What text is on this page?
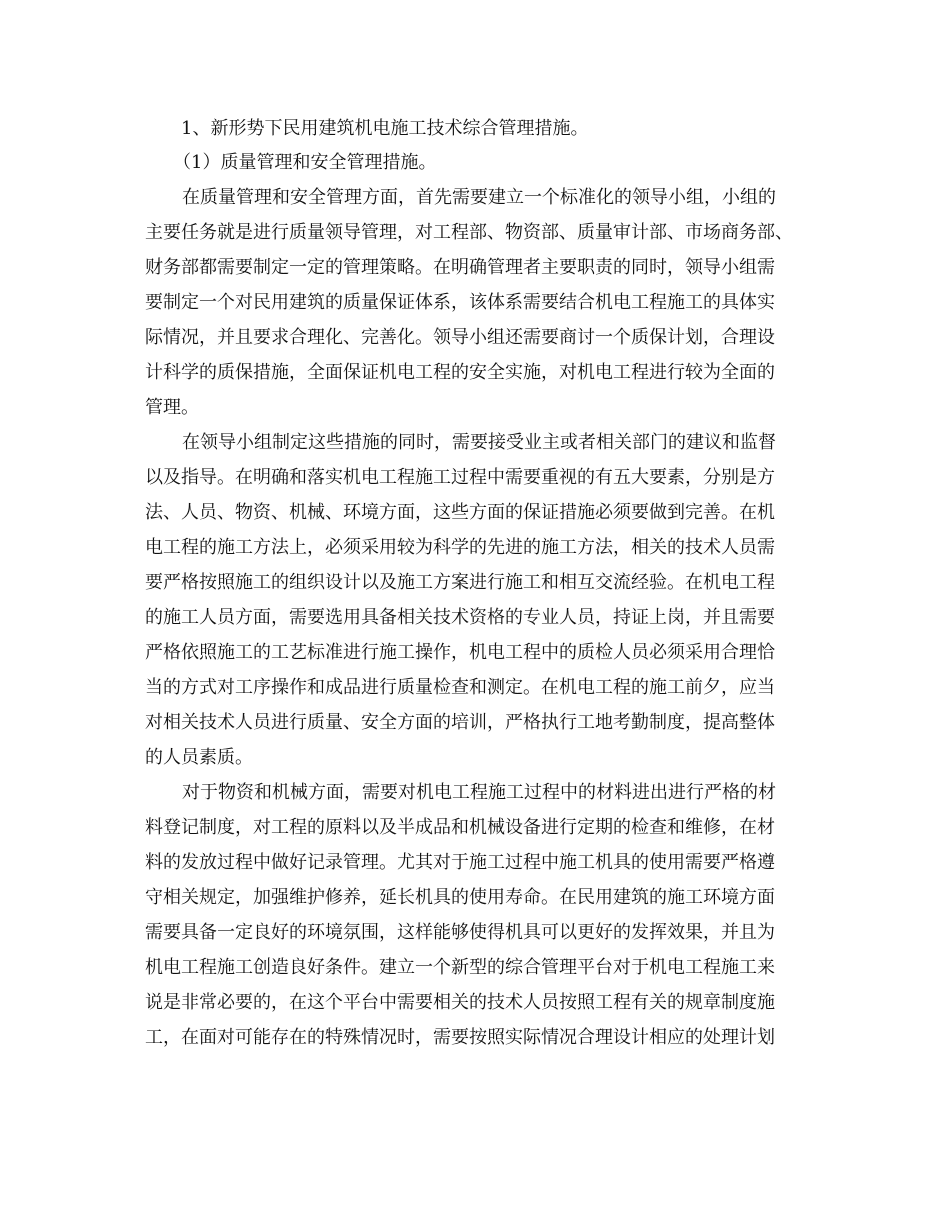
1、新形势下民用建筑机电施工技术综合管理措施。
（1）质量管理和安全管理措施。
在质量管理和安全管理方面，首先需要建立一个标准化的领导小组，小组的
主要任务就是进行质量领导管理，对工程部、物资部、质量审计部、市场商务部、
财务部都需要制定一定的管理策略。在明确管理者主要职责的同时，领导小组需
要制定一个对民用建筑的质量保证体系，该体系需要结合机电工程施工的具体实
际情况，并且要求合理化、完善化。领导小组还需要商讨一个质保计划，合理设
计科学的质保措施，全面保证机电工程的安全实施，对机电工程进行较为全面的
管理。
在领导小组制定这些措施的同时，需要接受业主或者相关部门的建议和监督
以及指导。在明确和落实机电工程施工过程中需要重视的有五大要素，分别是方
法、人员、物资、机械、环境方面，这些方面的保证措施必须要做到完善。在机
电工程的施工方法上，必须采用较为科学的先进的施工方法，相关的技术人员需
要严格按照施工的组织设计以及施工方案进行施工和相互交流经验。在机电工程
的施工人员方面，需要选用具备相关技术资格的专业人员，持证上岗，并且需要
严格依照施工的工艺标准进行施工操作，机电工程中的质检人员必须采用合理恰
当的方式对工序操作和成品进行质量检查和测定。在机电工程的施工前夕，应当
对相关技术人员进行质量、安全方面的培训，严格执行工地考勤制度，提高整体
的人员素质。
对于物资和机械方面，需要对机电工程施工过程中的材料进出进行严格的材
料登记制度，对工程的原料以及半成品和机械设备进行定期的检查和维修，在材
料的发放过程中做好记录管理。尤其对于施工过程中施工机具的使用需要严格遵
守相关规定，加强维护修养，延长机具的使用寿命。在民用建筑的施工环境方面
需要具备一定良好的环境氛围，这样能够使得机具可以更好的发挥效果，并且为
机电工程施工创造良好条件。建立一个新型的综合管理平台对于机电工程施工来
说是非常必要的，在这个平台中需要相关的技术人员按照工程有关的规章制度施
工，在面对可能存在的特殊情况时，需要按照实际情况合理设计相应的处理计划
